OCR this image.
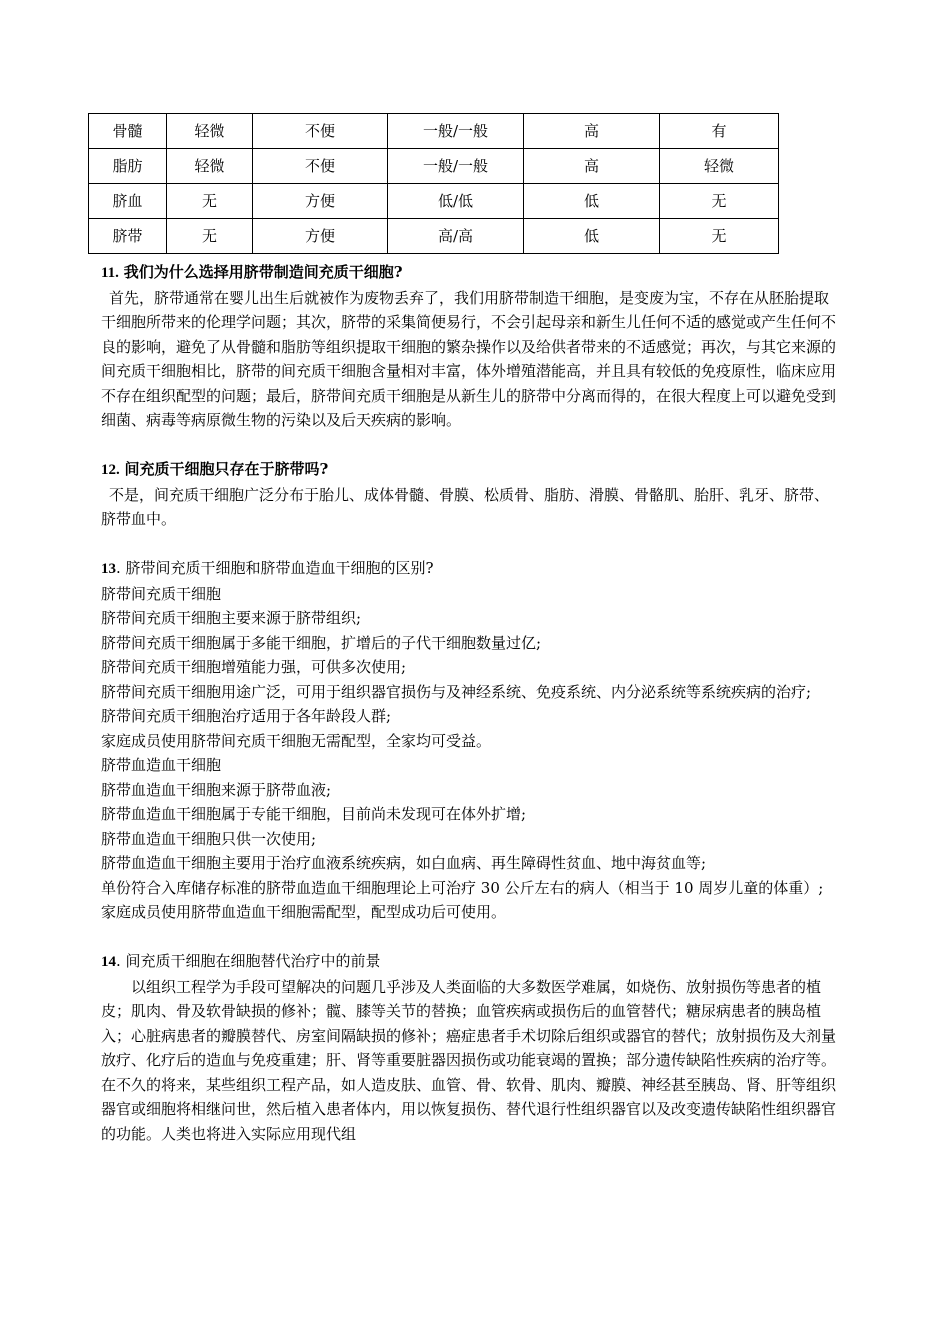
骨髓	轻微	不便	一般/一般	高	有
脂肪	轻微	不便	一般/一般	高	轻微
脐血	无	方便	低/低	低	无
脐带	无	方便	高/高	低	无

11. 我们为什么选择用脐带制造间充质干细胞?

首先，脐带通常在婴儿出生后就被作为废物丢弃了，我们用脐带制造干细胞，是变废为宝，不存在从胚胎提取干细胞所带来的伦理学问题；其次，脐带的采集简便易行，不会引起母亲和新生儿任何不适的感觉或产生任何不良的影响，避免了从骨髓和脂肪等组织提取干细胞的繁杂操作以及给供者带来的不适感觉；再次，与其它来源的间充质干细胞相比，脐带的间充质干细胞含量相对丰富，体外增殖潜能高，并且具有较低的免疫原性，临床应用不存在组织配型的问题；最后，脐带间充质干细胞是从新生儿的脐带中分离而得的，在很大程度上可以避免受到细菌、病毒等病原微生物的污染以及后天疾病的影响。

12. 间充质干细胞只存在于脐带吗?

不是，间充质干细胞广泛分布于胎儿、成体骨髓、骨膜、松质骨、脂肪、滑膜、骨骼肌、胎肝、乳牙、脐带、脐带血中。

13. 脐带间充质干细胞和脐带血造血干细胞的区别?

脐带间充质干细胞

脐带间充质干细胞主要来源于脐带组织;

脐带间充质干细胞属于多能干细胞，扩增后的子代干细胞数量过亿;

脐带间充质干细胞增殖能力强，可供多次使用;

脐带间充质干细胞用途广泛，可用于组织器官损伤与及神经系统、免疫系统、内分泌系统等系统疾病的治疗;

脐带间充质干细胞治疗适用于各年龄段人群;

家庭成员使用脐带间充质干细胞无需配型，全家均可受益。

脐带血造血干细胞

脐带血造血干细胞来源于脐带血液;

脐带血造血干细胞属于专能干细胞，目前尚未发现可在体外扩增;

脐带血造血干细胞只供一次使用;

脐带血造血干细胞主要用于治疗血液系统疾病，如白血病、再生障碍性贫血、地中海贫血等;

单份符合入库储存标准的脐带血造血干细胞理论上可治疗 30 公斤左右的病人（相当于 10 周岁儿童的体重）;

家庭成员使用脐带血造血干细胞需配型，配型成功后可使用。

14. 间充质干细胞在细胞替代治疗中的前景

以组织工程学为手段可望解决的问题几乎涉及人类面临的大多数医学难属，如烧伤、放射损伤等患者的植皮；肌肉、骨及软骨缺损的修补；髋、膝等关节的替换；血管疾病或损伤后的血管替代；糖尿病患者的胰岛植入；心脏病患者的瓣膜替代、房室间隔缺损的修补；癌症患者手术切除后组织或器官的替代；放射损伤及大剂量放疗、化疗后的造血与免疫重建；肝、肾等重要脏器因损伤或功能衰竭的置换；部分遗传缺陷性疾病的治疗等。在不久的将来，某些组织工程产品，如人造皮肤、血管、骨、软骨、肌肉、瓣膜、神经甚至胰岛、肾、肝等组织器官或细胞将相继问世，然后植入患者体内，用以恢复损伤、替代退行性组织器官以及改变遗传缺陷性组织器官的功能。人类也将进入实际应用现代组
